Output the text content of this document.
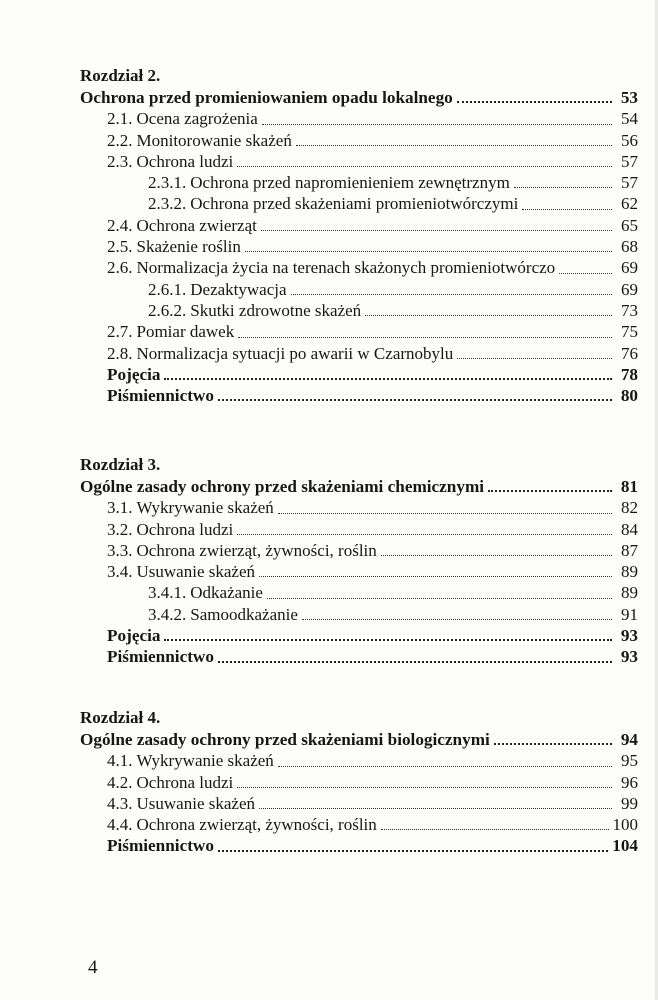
Rozdział 2.
Ochrona przed promieniowaniem opadu lokalnego	53
2.1. Ocena zagrożenia	54
2.2. Monitorowanie skażeń	56
2.3. Ochrona ludzi	57
2.3.1. Ochrona przed napromienieniem zewnętrznym	57
2.3.2. Ochrona przed skażeniami promieniotwórczymi	62
2.4. Ochrona zwierząt	65
2.5. Skażenie roślin	68
2.6. Normalizacja życia na terenach skażonych promieniotwórczo	69
2.6.1. Dezaktywacja	69
2.6.2. Skutki zdrowotne skażeń	73
2.7. Pomiar dawek	75
2.8. Normalizacja sytuacji po awarii w Czarnobylu	76
Pojęcia	78
Piśmiennictwo	80
Rozdział 3.
Ogólne zasady ochrony przed skażeniami chemicznymi	81
3.1. Wykrywanie skażeń	82
3.2. Ochrona ludzi	84
3.3. Ochrona zwierząt, żywności, roślin	87
3.4. Usuwanie skażeń	89
3.4.1. Odkażanie	89
3.4.2. Samoodkażanie	91
Pojęcia	93
Piśmiennictwo	93
Rozdział 4.
Ogólne zasady ochrony przed skażeniami biologicznymi	94
4.1. Wykrywanie skażeń	95
4.2. Ochrona ludzi	96
4.3. Usuwanie skażeń	99
4.4. Ochrona zwierząt, żywności, roślin	100
Piśmiennictwo	104
4
